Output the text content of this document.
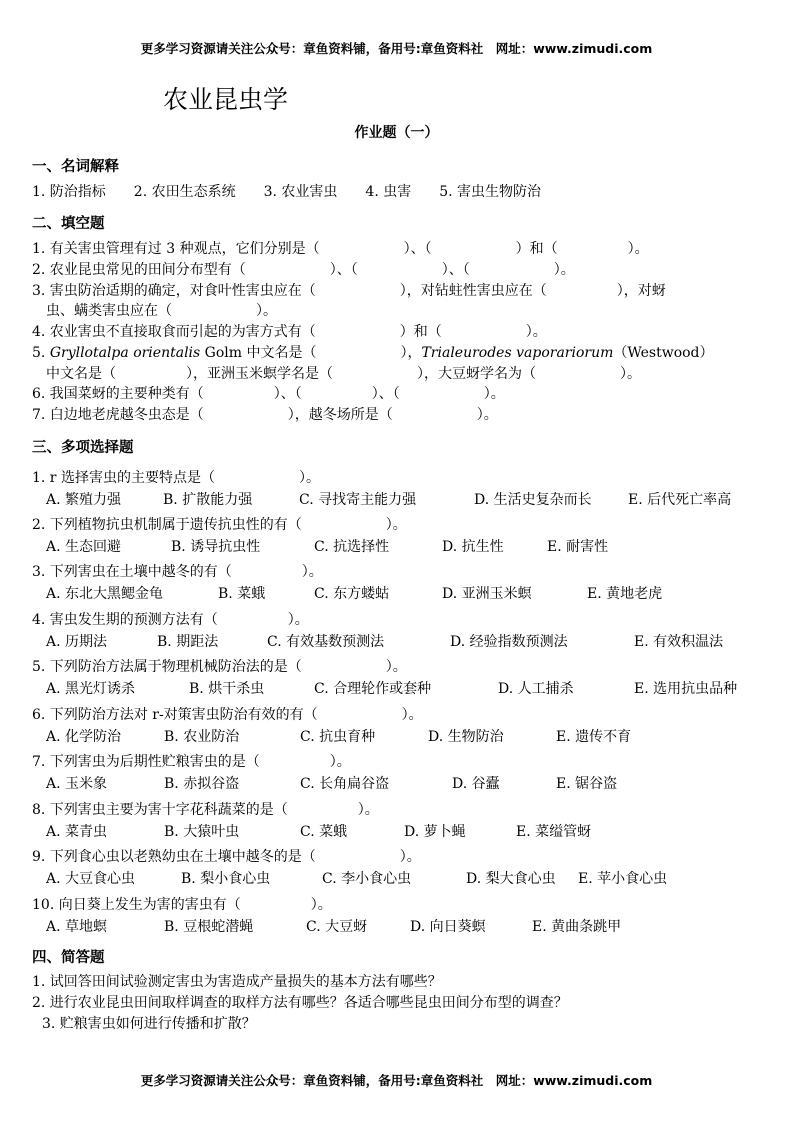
更多学习资源请关注公众号：章鱼资料铺，备用号:章鱼资料社　网址：www.zimudi.com
农业昆虫学
作业题（一）
一、名词解释
1. 防治指标　　2. 农田生态系统　　3. 农业害虫　　4. 虫害　　5. 害虫生物防治
二、填空题
1. 有关害虫管理有过 3 种观点，它们分别是（　　　　　　）、（　　　　　　）和（　　　　　）。
2. 农业昆虫常见的田间分布型有（　　　　　　）、（　　　　　　）、（　　　　　　）。
3. 害虫防治适期的确定，对食叶性害虫应在（　　　　　　），对钻蛀性害虫应在（　　　　　），对蚜
　虫、螨类害虫应在（　　　　　　）。
4. 农业害虫不直接取食而引起的为害方式有（　　　　　　）和（　　　　　　）。
5. Gryllotalpa orientalis Golm 中文名是（　　　　　　），Trialeurodes vaporariorum（Westwood）
　中文名是（　　　　　），亚洲玉米螟学名是（　　　　　　），大豆蚜学名为（　　　　　　）。
6. 我国菜蚜的主要种类有（　　　　　）、（　　　　　）、（　　　　　　）。
7. 白边地老虎越冬虫态是（　　　　　　），越冬场所是（　　　　　　）。
三、多项选择题
1. r 选择害虫的主要特点是（　　　　　　）。
A. 繁殖力强	B. 扩散能力强	C. 寻找寄主能力强	D. 生活史复杂而长	E. 后代死亡率高
2. 下列植物抗虫机制属于遗传抗虫性的有（　　　　　　）。
A. 生态回避	B. 诱导抗虫性	C. 抗选择性	D. 抗生性	E. 耐害性
3. 下列害虫在土壤中越冬的有（　　　　　）。
A. 东北大黑鳃金龟	B. 菜蛾	C. 东方蝼蛄	D. 亚洲玉米螟	E. 黄地老虎
4. 害虫发生期的预测方法有（　　　　　）。
A. 历期法	B. 期距法	C. 有效基数预测法	D. 经验指数预测法	E. 有效积温法
5. 下列防治方法属于物理机械防治法的是（　　　　　　）。
A. 黑光灯诱杀	B. 烘干杀虫	C. 合理轮作或套种	D. 人工捕杀	E. 选用抗虫品种
6. 下列防治方法对 r-对策害虫防治有效的有（　　　　　　）。
A. 化学防治	B. 农业防治	C. 抗虫育种	D. 生物防治	E. 遗传不育
7. 下列害虫为后期性贮粮害虫的是（　　　　　）。
A. 玉米象	B. 赤拟谷盗	C. 长角扁谷盗	D. 谷蠹	E. 锯谷盗
8. 下列害虫主要为害十字花科蔬菜的是（　　　　　）。
A. 菜青虫	B. 大猿叶虫	C. 菜蛾	D. 萝卜蝇	E. 菜缢管蚜
9. 下列食心虫以老熟幼虫在土壤中越冬的是（　　　　　　）。
A. 大豆食心虫	B. 梨小食心虫	C. 李小食心虫	D. 梨大食心虫 E. 苹小食心虫
10. 向日葵上发生为害的害虫有（　　　　　）。
A. 草地螟	B. 豆根蛇潜蝇	C. 大豆蚜	D. 向日葵螟	E. 黄曲条跳甲
四、简答题
1. 试回答田间试验测定害虫为害造成产量损失的基本方法有哪些？
2. 进行农业昆虫田间取样调查的取样方法有哪些？各适合哪些昆虫田间分布型的调查？
3. 贮粮害虫如何进行传播和扩散？
更多学习资源请关注公众号：章鱼资料铺，备用号:章鱼资料社　网址：www.zimudi.com
